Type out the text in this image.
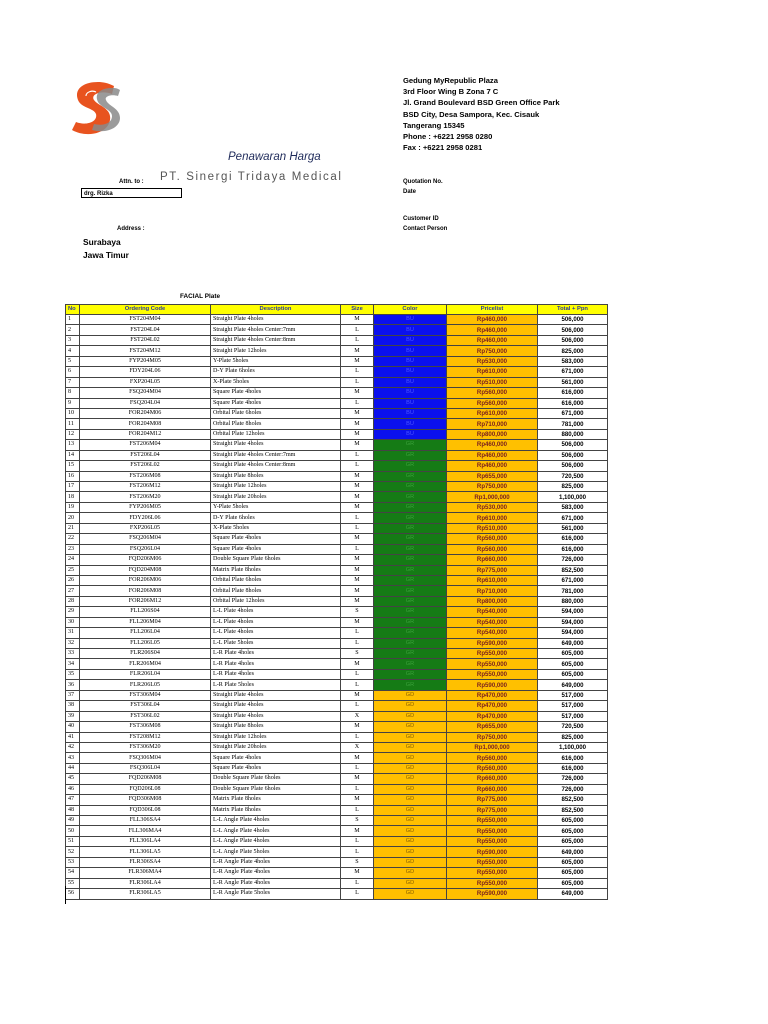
PT. Sinergi Tridaya Medical
Gedung MyRepublic Plaza
3rd Floor Wing B Zona 7 C
Jl. Grand Boulevard BSD Green Office Park
BSD City, Desa Sampora, Kec. Cisauk
Tangerang 15345
Phone : +6221 2958 0280
Fax : +6221 2958 0281
Penawaran Harga
Attn. to :
drg. Rizka
Address :
Surabaya
Jawa Timur
Quotation No.
Date
Customer ID
Contact Person
FACIAL Plate
No	Ordering Code	Description	Size	Color	Pricelist	Total + Ppn
1	FST204M04	Straight Plate 4holes	M	BU	Rp460,000	506,000
2	FST204L04	Straight Plate 4holes Center:7mm	L	BU	Rp460,000	506,000
3	FST204L02	Straight Plate 4holes Center:8mm	L	BU	Rp460,000	506,000
4	FST204M12	Straight Plate 12holes	M	BU	Rp750,000	825,000
5	FYP204M05	Y-Plate 5holes	M	BU	Rp530,000	583,000
6	FDY204L06	D-Y Plate 6holes	L	BU	Rp610,000	671,000
7	FXP204L05	X-Plate 5holes	L	BU	Rp510,000	561,000
8	FSQ204M04	Square Plate 4holes	M	BU	Rp560,000	616,000
9	FSQ204L04	Square Plate 4holes	L	BU	Rp560,000	616,000
10	FOR204M06	Orbital Plate 6holes	M	BU	Rp610,000	671,000
11	FOR204M08	Orbital Plate 8holes	M	BU	Rp710,000	781,000
12	FOR204M12	Orbital Plate 12holes	M	BU	Rp800,000	880,000
13	FST206M04	Straight Plate 4holes	M	GR	Rp460,000	506,000
14	FST206L04	Straight Plate 4holes Center:7mm	L	GR	Rp460,000	506,000
15	FST206L02	Straight Plate 4holes Center:8mm	L	GR	Rp460,000	506,000
16	FST206M08	Straight Plate 8holes	M	GR	Rp655,000	720,500
17	FST206M12	Straight Plate 12holes	M	GR	Rp750,000	825,000
18	FST206M20	Straight Plate 20holes	M	GR	Rp1,000,000	1,100,000
19	FYP206M05	Y-Plate 5holes	M	GR	Rp530,000	583,000
20	FDY206L06	D-Y Plate 6holes	L	GR	Rp610,000	671,000
21	FXP206L05	X-Plate 5holes	L	GR	Rp510,000	561,000
22	FSQ206M04	Square Plate 4holes	M	GR	Rp560,000	616,000
23	FSQ206L04	Square Plate 4holes	L	GR	Rp560,000	616,000
24	FQD206M06	Double Square Plate 6holes	M	GR	Rp660,000	726,000
25	FQD204M08	Matrix Plate 8holes	M	GR	Rp775,000	852,500
26	FOR206M06	Orbital Plate 6holes	M	GR	Rp610,000	671,000
27	FOR206M08	Orbital Plate 8holes	M	GR	Rp710,000	781,000
28	FOR206M12	Orbital Plate 12holes	M	GR	Rp800,000	880,000
29	FLL206S04	L-L Plate 4holes	S	GR	Rp540,000	594,000
30	FLL206M04	L-L Plate 4holes	M	GR	Rp540,000	594,000
31	FLL206L04	L-L Plate 4holes	L	GR	Rp540,000	594,000
32	FLL206L05	L-L Plate 5holes	L	GR	Rp590,000	649,000
33	FLR206S04	L-R Plate 4holes	S	GR	Rp550,000	605,000
34	FLR206M04	L-R Plate 4holes	M	GR	Rp550,000	605,000
35	FLR206L04	L-R Plate 4holes	L	GR	Rp550,000	605,000
36	FLR206L05	L-R Plate 5holes	L	GR	Rp590,000	649,000
37	FST306M04	Straight Plate 4holes	M	GD	Rp470,000	517,000
38	FST306L04	Straight Plate 4holes	L	GD	Rp470,000	517,000
39	FST306L02	Straight Plate 4holes	X	GD	Rp470,000	517,000
40	FST306M08	Straight Plate 8holes	M	GD	Rp655,000	720,500
41	FST208M12	Straight Plate 12holes	L	GD	Rp750,000	825,000
42	FST306M20	Straight Plate 20holes	X	GD	Rp1,000,000	1,100,000
43	FSQ306M04	Square Plate 4holes	M	GD	Rp560,000	616,000
44	FSQ306L04	Square Plate 4holes	L	GD	Rp560,000	616,000
45	FQD206M08	Double Square Plate 6holes	M	GD	Rp660,000	726,000
46	FQD206L08	Double Square Plate 6holes	L	GD	Rp660,000	726,000
47	FQD306M08	Matrix Plate 8holes	M	GD	Rp775,000	852,500
48	FQD306L08	Matrix Plate 8holes	L	GD	Rp775,000	852,500
49	FLL306SA4	L-L Angle Plate 4holes	S	GD	Rp550,000	605,000
50	FLL306MA4	L-L Angle Plate 4holes	M	GD	Rp550,000	605,000
51	FLL306LA4	L-L Angle Plate 4holes	L	GD	Rp550,000	605,000
52	FLL306LA5	L-L Angle Plate 5holes	L	GD	Rp590,000	649,000
53	FLR306SA4	L-R Angle Plate 4holes	S	GD	Rp550,000	605,000
54	FLR306MA4	L-R Angle Plate 4holes	M	GD	Rp550,000	605,000
55	FLR306LA4	L-R Angle Plate 4holes	L	GD	Rp550,000	605,000
56	FLR306LA5	L-R Angle Plate 5holes	L	GD	Rp590,000	649,000
